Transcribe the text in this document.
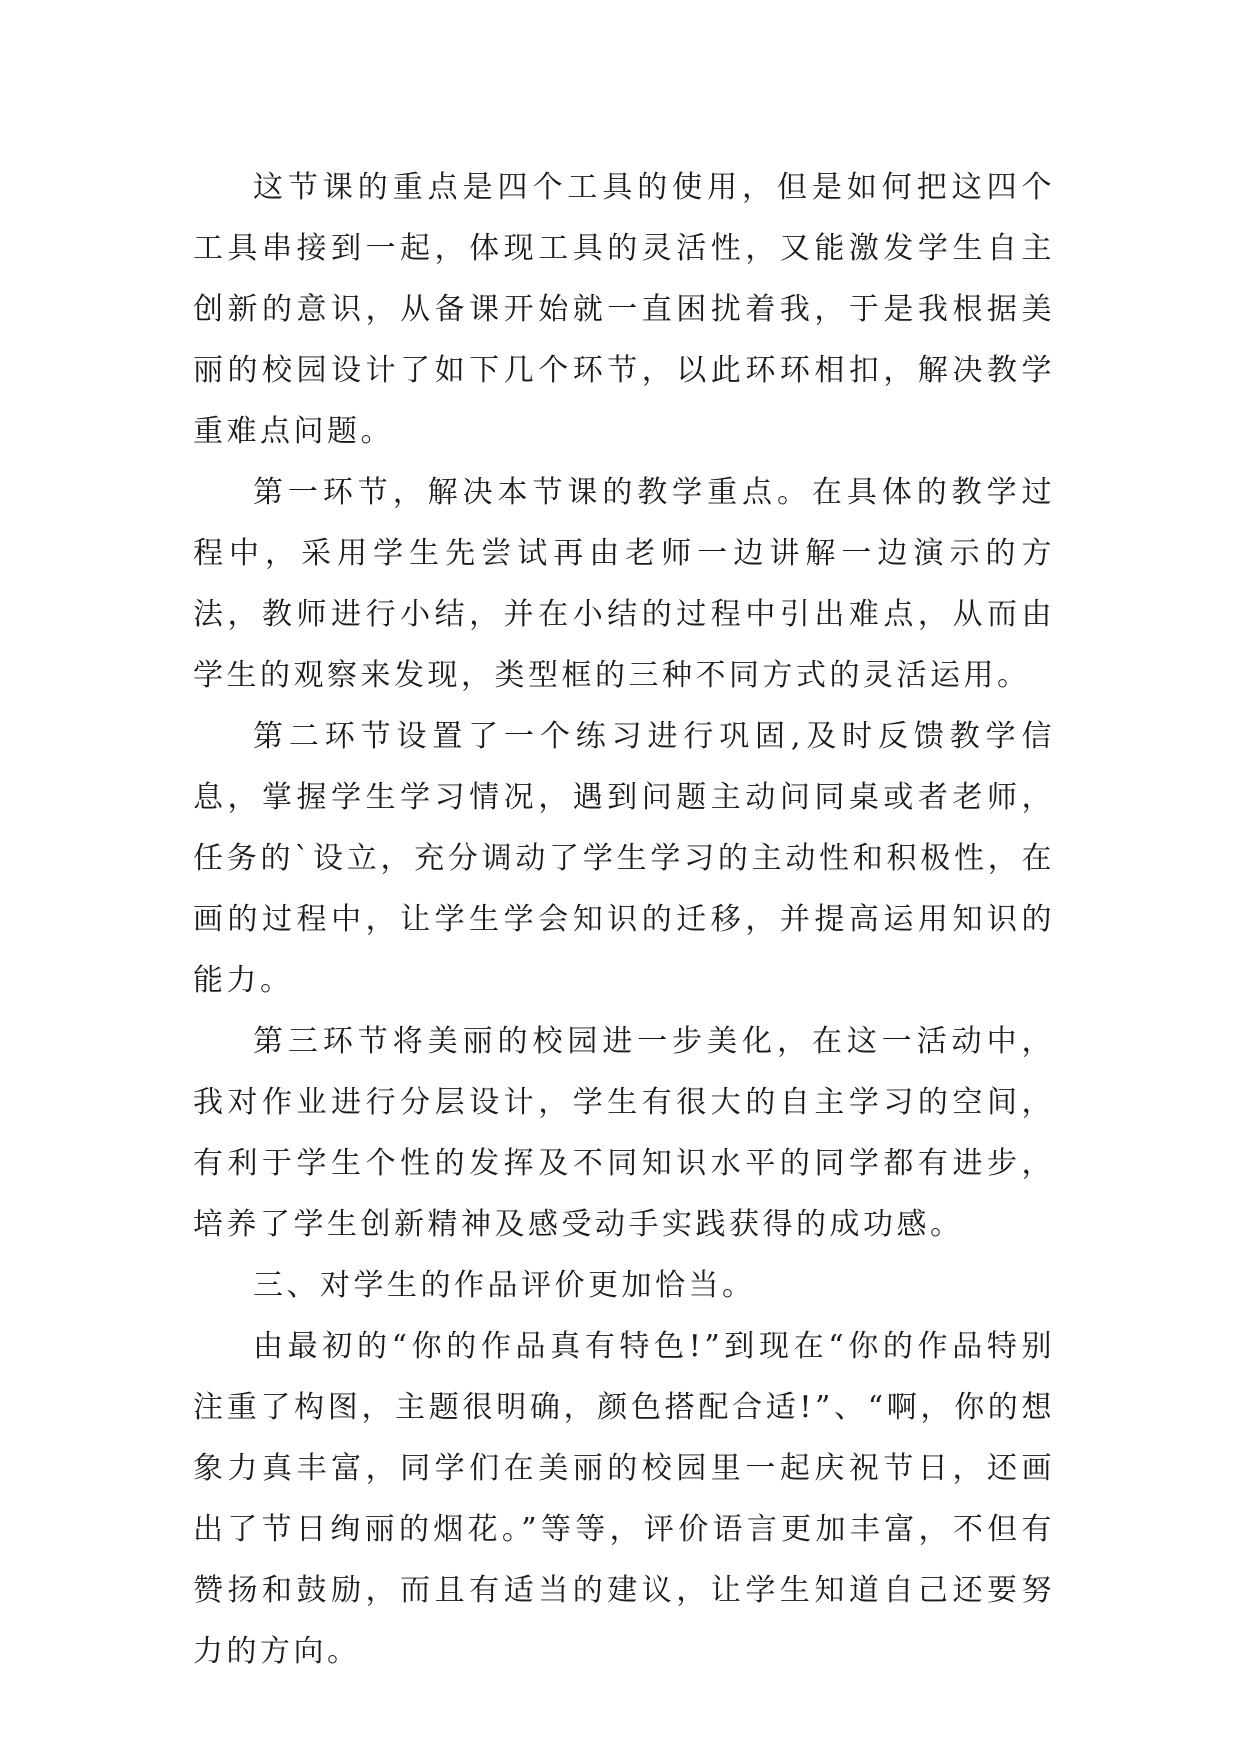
这节课的重点是四个工具的使用，但是如何把这四个工具串接到一起，体现工具的灵活性，又能激发学生自主创新的意识，从备课开始就一直困扰着我，于是我根据美丽的校园设计了如下几个环节，以此环环相扣，解决教学重难点问题。

第一环节，解决本节课的教学重点。在具体的教学过程中，采用学生先尝试再由老师一边讲解一边演示的方法，教师进行小结，并在小结的过程中引出难点，从而由学生的观察来发现，类型框的三种不同方式的灵活运用。

第二环节设置了一个练习进行巩固,及时反馈教学信息，掌握学生学习情况，遇到问题主动问同桌或者老师，任务的`设立，充分调动了学生学习的主动性和积极性，在画的过程中，让学生学会知识的迁移，并提高运用知识的能力。

第三环节将美丽的校园进一步美化，在这一活动中，我对作业进行分层设计，学生有很大的自主学习的空间，有利于学生个性的发挥及不同知识水平的同学都有进步，培养了学生创新精神及感受动手实践获得的成功感。

三、对学生的作品评价更加恰当。

由最初的“你的作品真有特色!”到现在“你的作品特别注重了构图，主题很明确，颜色搭配合适!”、“啊，你的想象力真丰富，同学们在美丽的校园里一起庆祝节日，还画出了节日绚丽的烟花。”等等，评价语言更加丰富，不但有赞扬和鼓励，而且有适当的建议，让学生知道自己还要努力的方向。
